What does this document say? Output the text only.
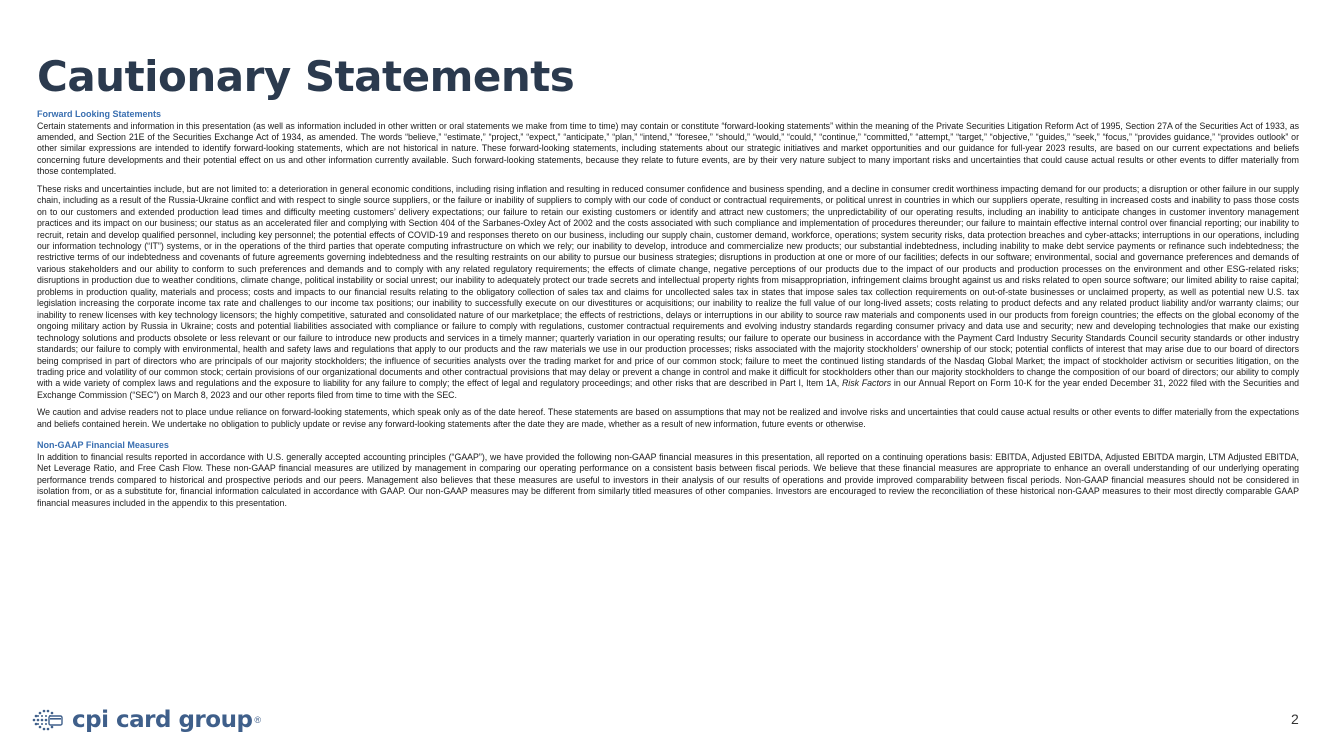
Cautionary Statements
Forward Looking Statements

Certain statements and information in this presentation (as well as information included in other written or oral statements we make from time to time) may contain or constitute “forward-looking statements” within the meaning of the Private Securities Litigation Reform Act of 1995, Section 27A of the Securities Act of 1933, as amended, and Section 21E of the Securities Exchange Act of 1934, as amended. The words “believe,” “estimate,” “project,” “expect,” “anticipate,” “plan,” “intend,” “foresee,” “should,” “would,” “could,” “continue,” “committed,” “attempt,” “target,” “objective,” “guides,” “seek,” “focus,” “provides guidance,” “provides outlook” or other similar expressions are intended to identify forward-looking statements, which are not historical in nature. These forward-looking statements, including statements about our strategic initiatives and market opportunities and our guidance for full-year 2023 results, are based on our current expectations and beliefs concerning future developments and their potential effect on us and other information currently available. Such forward-looking statements, because they relate to future events, are by their very nature subject to many important risks and uncertainties that could cause actual results or other events to differ materially from those contemplated.

These risks and uncertainties include, but are not limited to: a deterioration in general economic conditions, including rising inflation and resulting in reduced consumer confidence and business spending, and a decline in consumer credit worthiness impacting demand for our products; a disruption or other failure in our supply chain, including as a result of the Russia-Ukraine conflict and with respect to single source suppliers, or the failure or inability of suppliers to comply with our code of conduct or contractual requirements, or political unrest in countries in which our suppliers operate, resulting in increased costs and inability to pass those costs on to our customers and extended production lead times and difficulty meeting customers’ delivery expectations; our failure to retain our existing customers or identify and attract new customers; the unpredictability of our operating results, including an inability to anticipate changes in customer inventory management practices and its impact on our business; our status as an accelerated filer and complying with Section 404 of the Sarbanes-Oxley Act of 2002 and the costs associated with such compliance and implementation of procedures thereunder; our failure to maintain effective internal control over financial reporting; our inability to recruit, retain and develop qualified personnel, including key personnel; the potential effects of COVID-19 and responses thereto on our business, including our supply chain, customer demand, workforce, operations; system security risks, data protection breaches and cyber-attacks; interruptions in our operations, including our information technology (“IT”) systems, or in the operations of the third parties that operate computing infrastructure on which we rely; our inability to develop, introduce and commercialize new products; our substantial indebtedness, including inability to make debt service payments or refinance such indebtedness; the restrictive terms of our indebtedness and covenants of future agreements governing indebtedness and the resulting restraints on our ability to pursue our business strategies; disruptions in production at one or more of our facilities; defects in our software; environmental, social and governance preferences and demands of various stakeholders and our ability to conform to such preferences and demands and to comply with any related regulatory requirements; the effects of climate change, negative perceptions of our products due to the impact of our products and production processes on the environment and other ESG-related risks; disruptions in production due to weather conditions, climate change, political instability or social unrest; our inability to adequately protect our trade secrets and intellectual property rights from misappropriation, infringement claims brought against us and risks related to open source software; our limited ability to raise capital; problems in production quality, materials and process; costs and impacts to our financial results relating to the obligatory collection of sales tax and claims for uncollected sales tax in states that impose sales tax collection requirements on out-of-state businesses or unclaimed property, as well as potential new U.S. tax legislation increasing the corporate income tax rate and challenges to our income tax positions; our inability to successfully execute on our divestitures or acquisitions; our inability to realize the full value of our long-lived assets; costs relating to product defects and any related product liability and/or warranty claims; our inability to renew licenses with key technology licensors; the highly competitive, saturated and consolidated nature of our marketplace; the effects of restrictions, delays or interruptions in our ability to source raw materials and components used in our products from foreign countries; the effects on the global economy of the ongoing military action by Russia in Ukraine; costs and potential liabilities associated with compliance or failure to comply with regulations, customer contractual requirements and evolving industry standards regarding consumer privacy and data use and security; new and developing technologies that make our existing technology solutions and products obsolete or less relevant or our failure to introduce new products and services in a timely manner; quarterly variation in our operating results; our failure to operate our business in accordance with the Payment Card Industry Security Standards Council security standards or other industry standards; our failure to comply with environmental, health and safety laws and regulations that apply to our products and the raw materials we use in our production processes; risks associated with the majority stockholders’ ownership of our stock; potential conflicts of interest that may arise due to our board of directors being comprised in part of directors who are principals of our majority stockholders; the influence of securities analysts over the trading market for and price of our common stock; failure to meet the continued listing standards of the Nasdaq Global Market; the impact of stockholder activism or securities litigation, on the trading price and volatility of our common stock; certain provisions of our organizational documents and other contractual provisions that may delay or prevent a change in control and make it difficult for stockholders other than our majority stockholders to change the composition of our board of directors; our ability to comply with a wide variety of complex laws and regulations and the exposure to liability for any failure to comply; the effect of legal and regulatory proceedings; and other risks that are described in Part I, Item 1A, Risk Factors in our Annual Report on Form 10-K for the year ended December 31, 2022 filed with the Securities and Exchange Commission (“SEC”) on March 8, 2023 and our other reports filed from time to time with the SEC.

We caution and advise readers not to place undue reliance on forward-looking statements, which speak only as of the date hereof. These statements are based on assumptions that may not be realized and involve risks and uncertainties that could cause actual results or other events to differ materially from the expectations and beliefs contained herein. We undertake no obligation to publicly update or revise any forward-looking statements after the date they are made, whether as a result of new information, future events or otherwise.

Non-GAAP Financial Measures

In addition to financial results reported in accordance with U.S. generally accepted accounting principles (“GAAP”), we have provided the following non-GAAP financial measures in this presentation, all reported on a continuing operations basis: EBITDA, Adjusted EBITDA, Adjusted EBITDA margin, LTM Adjusted EBITDA, Net Leverage Ratio, and Free Cash Flow. These non-GAAP financial measures are utilized by management in comparing our operating performance on a consistent basis between fiscal periods. We believe that these financial measures are appropriate to enhance an overall understanding of our underlying operating performance trends compared to historical and prospective periods and our peers. Management also believes that these measures are useful to investors in their analysis of our results of operations and provide improved comparability between fiscal periods. Non-GAAP financial measures should not be considered in isolation from, or as a substitute for, financial information calculated in accordance with GAAP. Our non-GAAP measures may be different from similarly titled measures of other companies. Investors are encouraged to review the reconciliation of these historical non-GAAP measures to their most directly comparable GAAP financial measures included in the appendix to this presentation.

cpi card group ®	2
